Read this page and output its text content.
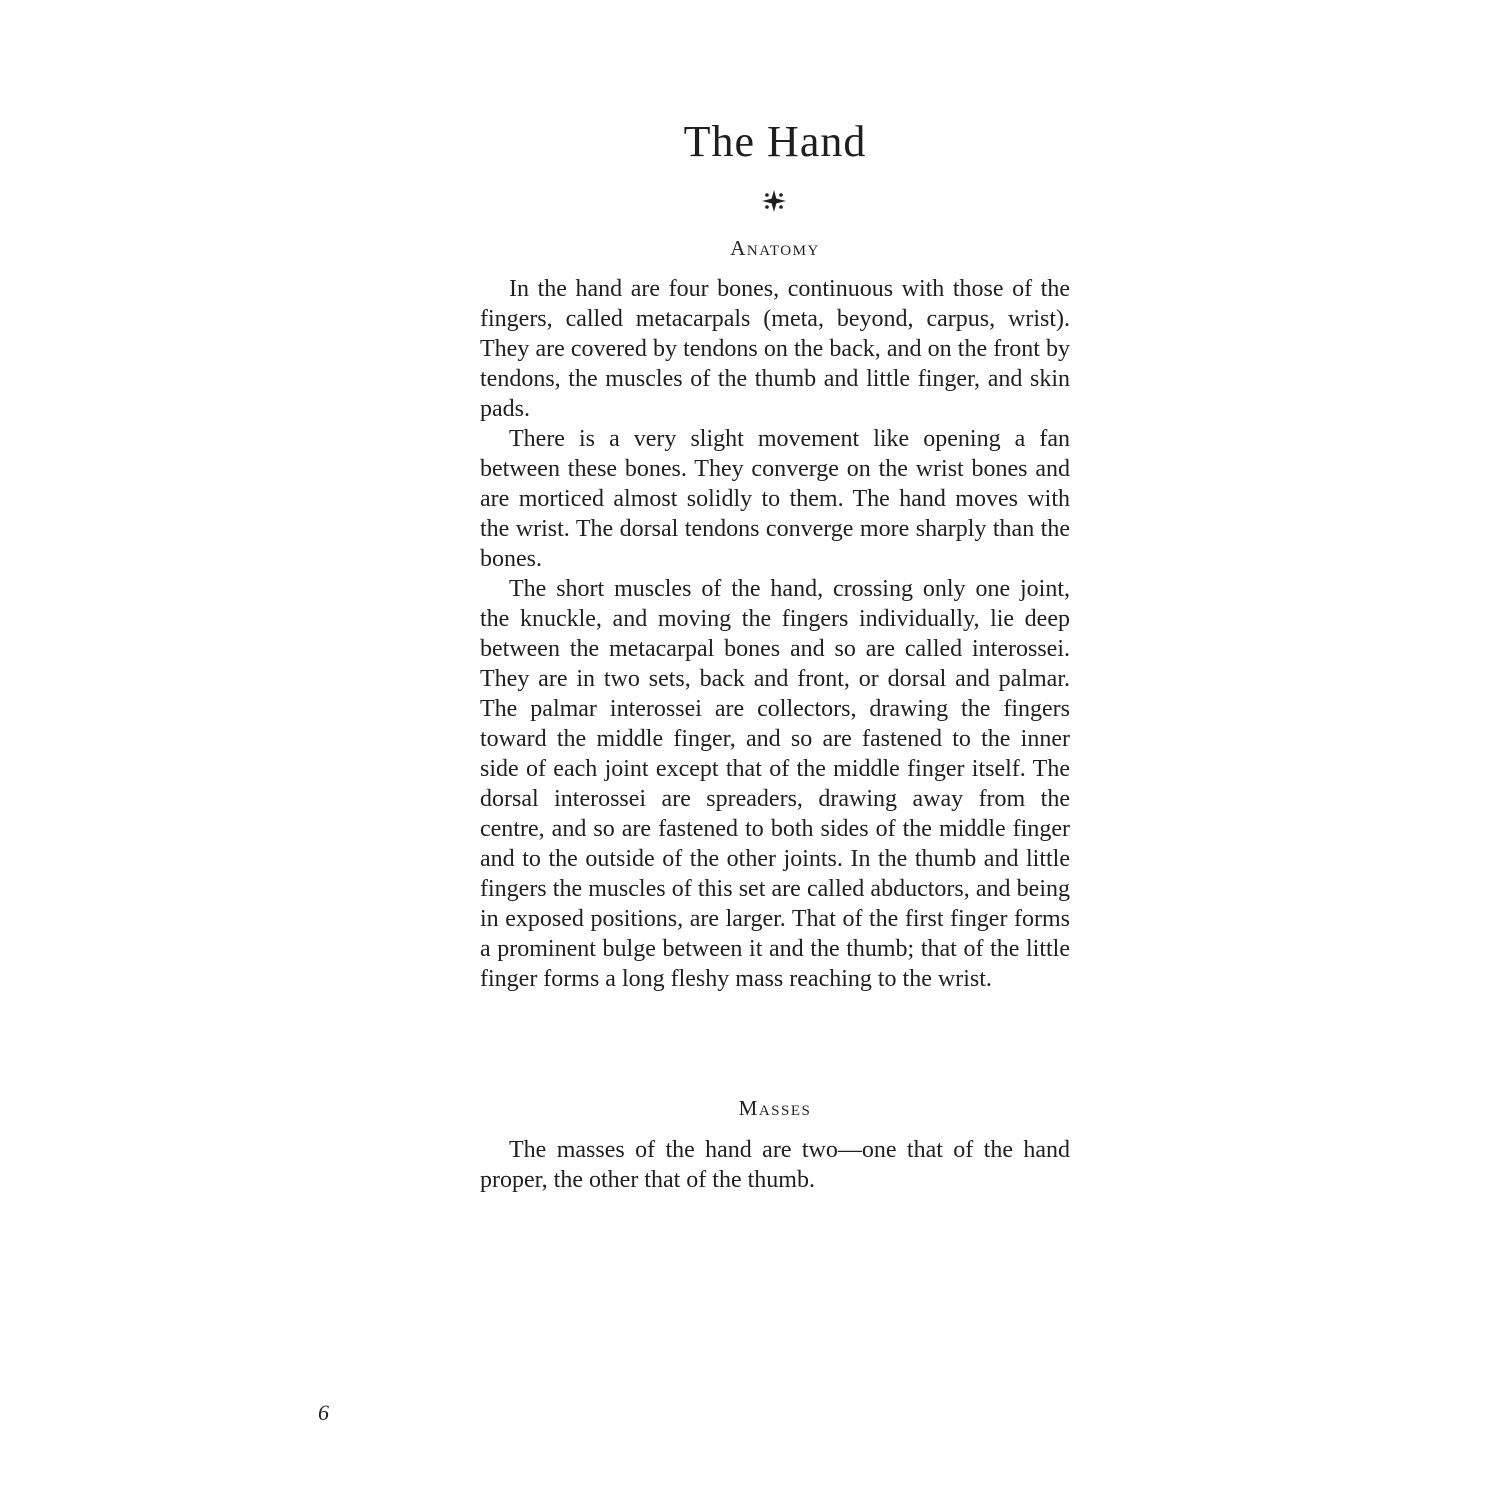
The Hand
Anatomy

In the hand are four bones, continuous with those of the fingers, called metacarpals (meta, beyond, carpus, wrist). They are covered by tendons on the back, and on the front by tendons, the muscles of the thumb and little finger, and skin pads.

There is a very slight movement like opening a fan between these bones. They converge on the wrist bones and are morticed almost solidly to them. The hand moves with the wrist. The dorsal tendons converge more sharply than the bones.

The short muscles of the hand, crossing only one joint, the knuckle, and moving the fingers individually, lie deep between the metacarpal bones and so are called interossei. They are in two sets, back and front, or dorsal and palmar. The palmar interossei are collectors, drawing the fingers toward the middle finger, and so are fastened to the inner side of each joint except that of the middle finger itself. The dorsal interossei are spreaders, drawing away from the centre, and so are fastened to both sides of the middle finger and to the outside of the other joints. In the thumb and little fingers the muscles of this set are called abductors, and being in exposed positions, are larger. That of the first finger forms a prominent bulge between it and the thumb; that of the little finger forms a long fleshy mass reaching to the wrist.

Masses

The masses of the hand are two—one that of the hand proper, the other that of the thumb.

6
